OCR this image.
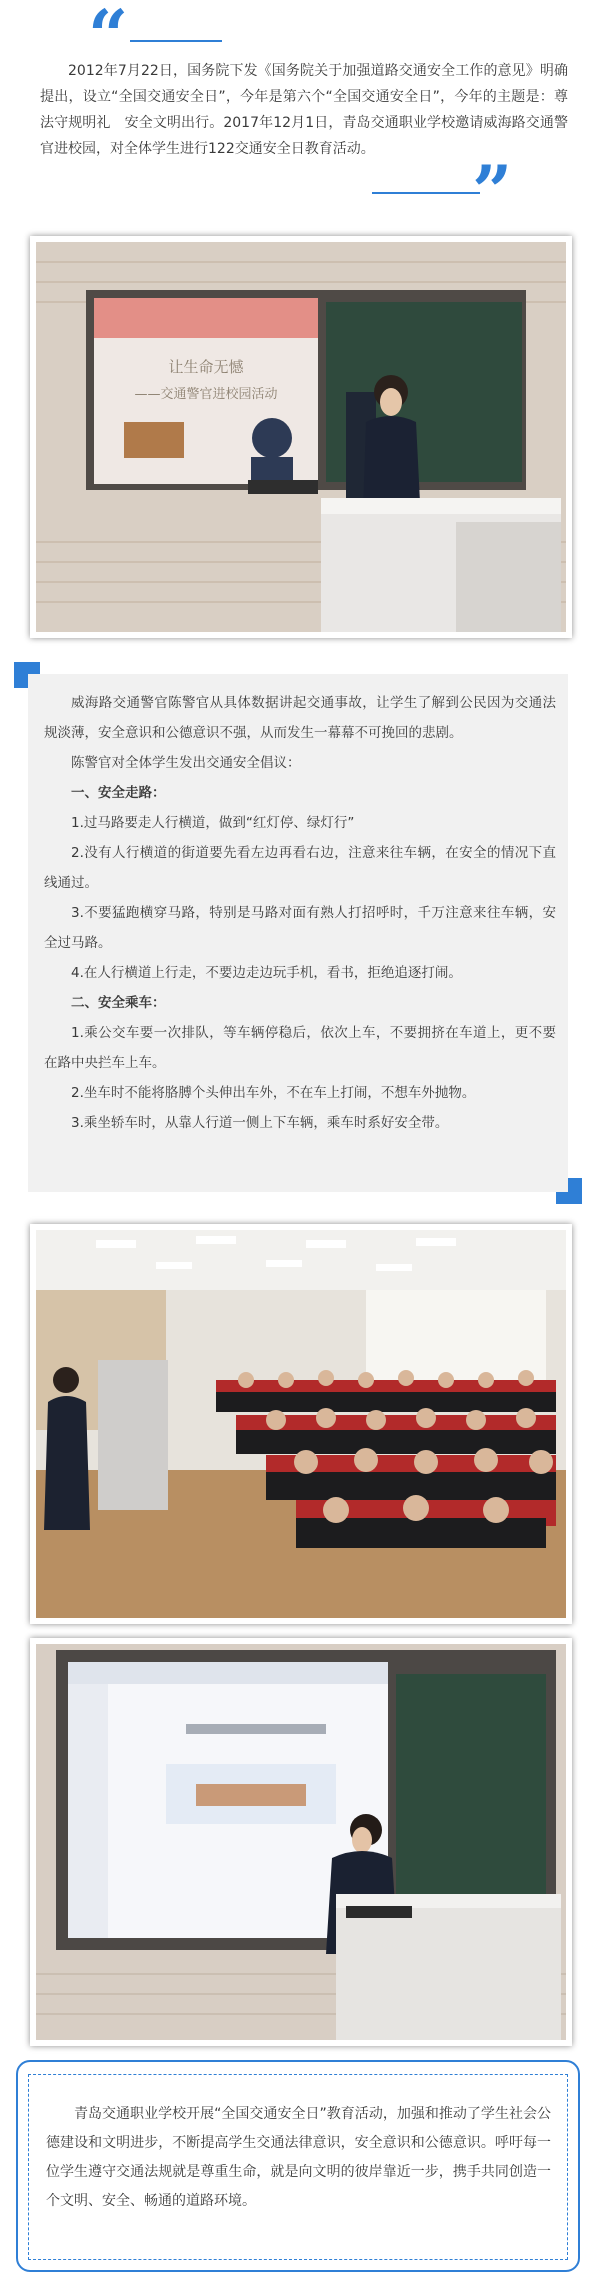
“
2012年7月22日，国务院下发《国务院关于加强道路交通安全工作的意见》明确提出，设立“全国交通安全日”，今年是第六个“全国交通安全日”，今年的主题是：尊法守规明礼　安全文明出行。2017年12月1日，青岛交通职业学校邀请威海路交通警官进校园，对全体学生进行122交通安全日教育活动。
”
让生命无憾
——交通警官进校园活动

威海路交通警官陈警官从具体数据讲起交通事故，让学生了解到公民因为交通法规淡薄，安全意识和公德意识不强，从而发生一幕幕不可挽回的悲剧。

陈警官对全体学生发出交通安全倡议：

一、安全走路：

1.过马路要走人行横道，做到“红灯停、绿灯行”

2.没有人行横道的街道要先看左边再看右边，注意来往车辆，在安全的情况下直线通过。

3.不要猛跑横穿马路，特别是马路对面有熟人打招呼时，千万注意来往车辆，安全过马路。

4.在人行横道上行走，不要边走边玩手机，看书，拒绝追逐打闹。

二、安全乘车：

1.乘公交车要一次排队，等车辆停稳后，依次上车，不要拥挤在车道上，更不要在路中央拦车上车。

2.坐车时不能将胳膊个头伸出车外，不在车上打闹，不想车外抛物。

3.乘坐轿车时，从靠人行道一侧上下车辆，乘车时系好安全带。

青岛交通职业学校开展“全国交通安全日”教育活动，加强和推动了学生社会公德建设和文明进步，不断提高学生交通法律意识，安全意识和公德意识。呼吁每一位学生遵守交通法规就是尊重生命，就是向文明的彼岸靠近一步，携手共同创造一个文明、安全、畅通的道路环境。
